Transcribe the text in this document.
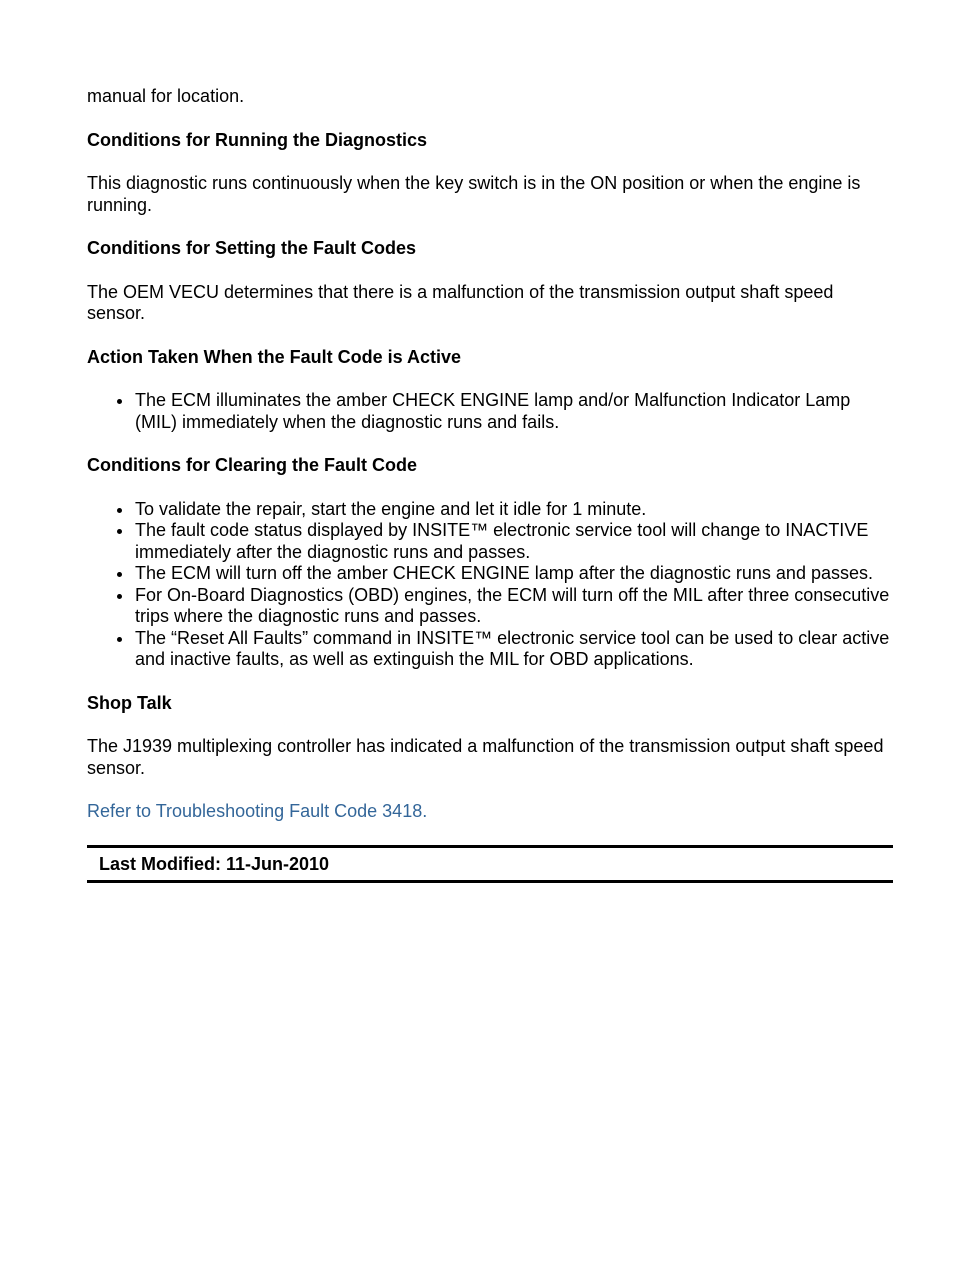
manual for location.

Conditions for Running the Diagnostics

This diagnostic runs continuously when the key switch is in the ON position or when the engine is running.

Conditions for Setting the Fault Codes

The OEM VECU determines that there is a malfunction of the transmission output shaft speed sensor.

Action Taken When the Fault Code is Active
The ECM illuminates the amber CHECK ENGINE lamp and/or Malfunction Indicator Lamp (MIL) immediately when the diagnostic runs and fails.
Conditions for Clearing the Fault Code
To validate the repair, start the engine and let it idle for 1 minute.
The fault code status displayed by INSITE™ electronic service tool will change to INACTIVE immediately after the diagnostic runs and passes.
The ECM will turn off the amber CHECK ENGINE lamp after the diagnostic runs and passes.
For On-Board Diagnostics (OBD) engines, the ECM will turn off the MIL after three consecutive trips where the diagnostic runs and passes.
The “Reset All Faults” command in INSITE™ electronic service tool can be used to clear active and inactive faults, as well as extinguish the MIL for OBD applications.
Shop Talk

The J1939 multiplexing controller has indicated a malfunction of the transmission output shaft speed sensor.

Refer to Troubleshooting Fault Code 3418.

Last Modified: 11-Jun-2010
